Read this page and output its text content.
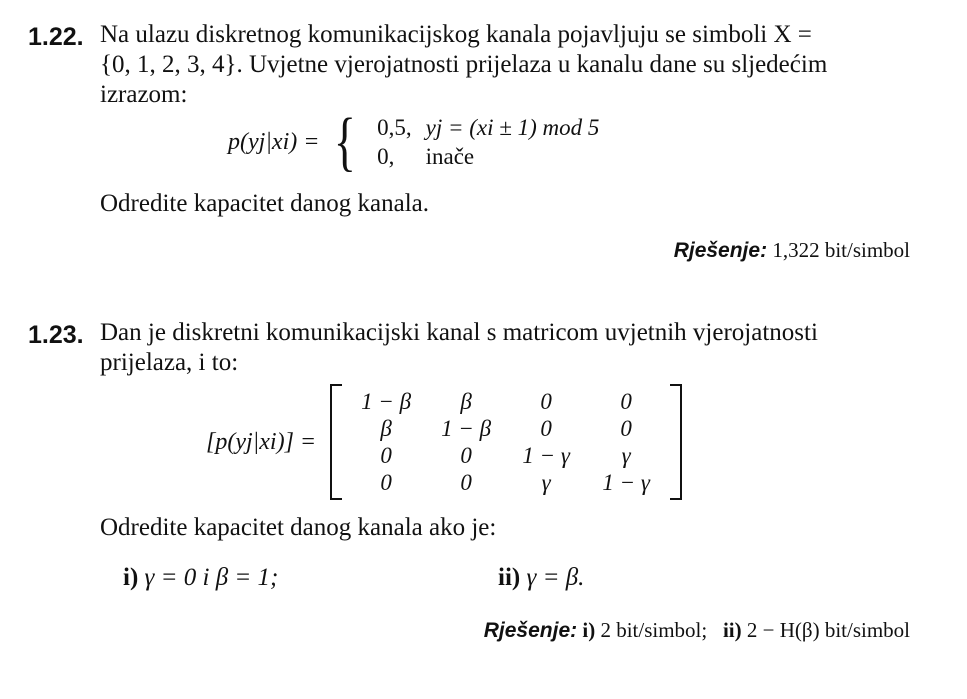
1.22. Na ulazu diskretnog komunikacijskog kanala pojavljuju se simboli X =
{0, 1, 2, 3, 4}. Uvjetne vjerojatnosti prijelaza u kanalu dane su sljedećim
izrazom:
p(yj|xi) = { 0,5,	yj = (xi ± 1) mod 5
0,	inače
Odredite kapacitet danog kanala.
Rješenje: 1,322 bit/simbol
1.23. Dan je diskretni komunikacijski kanal s matricom uvjetnih vjerojatnosti
prijelaza, i to:
[p(yj|xi)] =
1 − β	β	0	0
β	1 − β	0	0
0	0	1 − γ	γ
0	0	γ	1 − γ
Odredite kapacitet danog kanala ako je:
i) γ = 0 i β = 1;	ii) γ = β.
Rješenje: i) 2 bit/simbol; ii) 2 − H(β) bit/simbol
